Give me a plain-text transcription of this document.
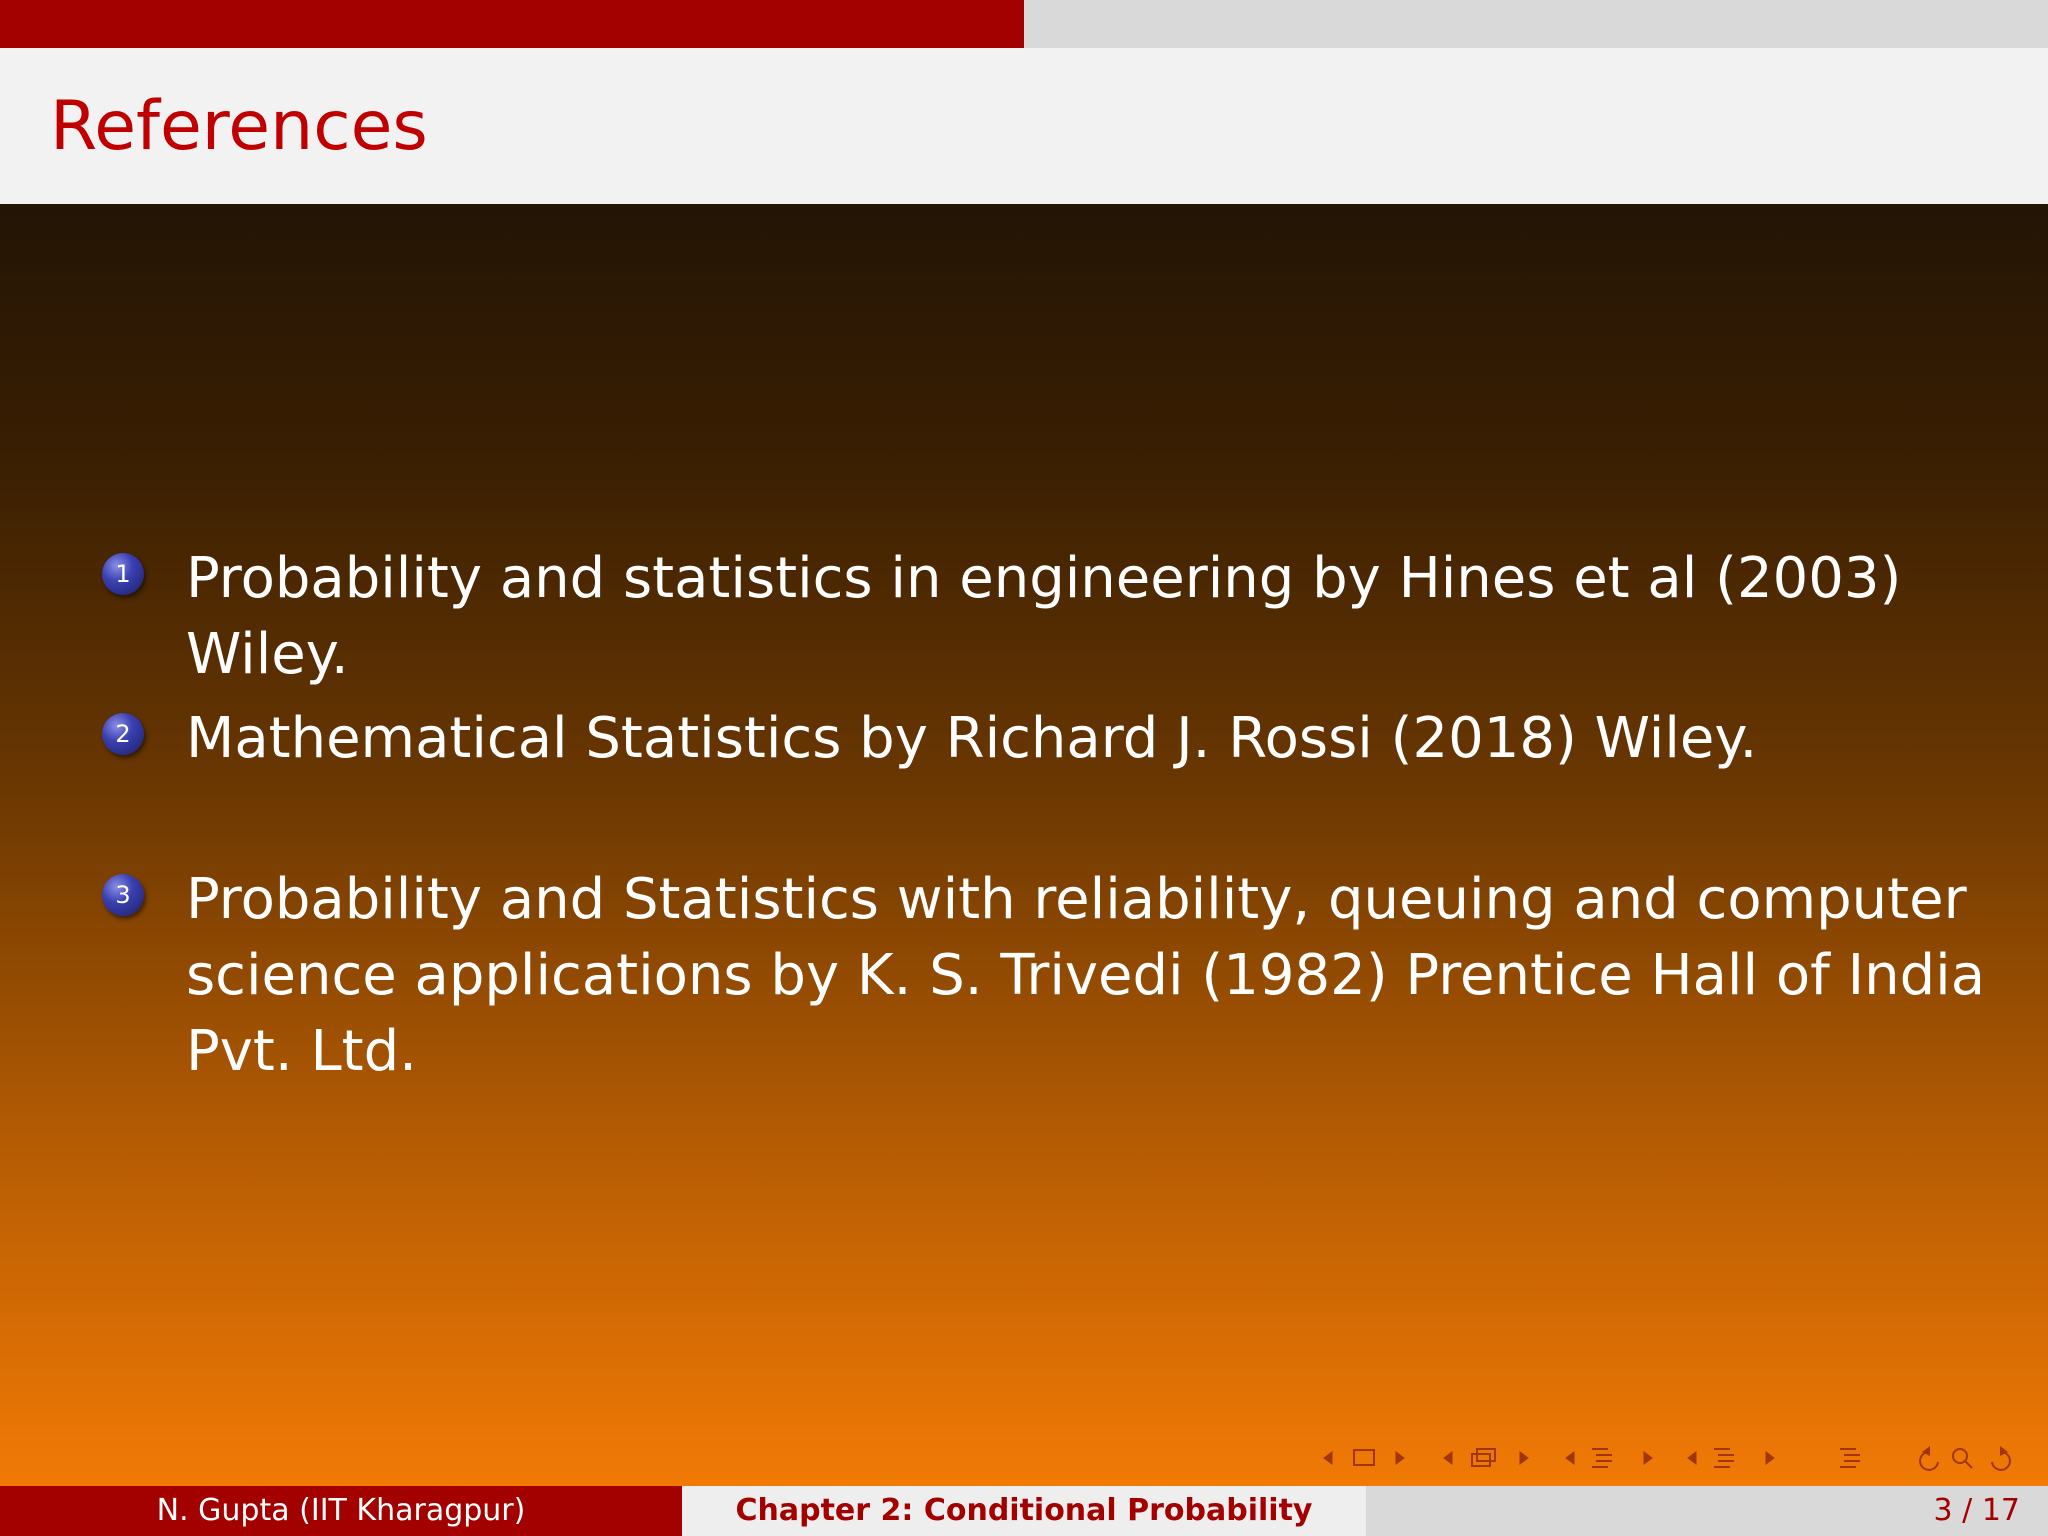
References
1 Probability and statistics in engineering by Hines et al (2003) Wiley.
2 Mathematical Statistics by Richard J. Rossi (2018) Wiley.
3 Probability and Statistics with reliability, queuing and computer science applications by K. S. Trivedi (1982) Prentice Hall of India Pvt. Ltd.
N. Gupta (IIT Kharagpur)	Chapter 2: Conditional Probability	3 / 17
